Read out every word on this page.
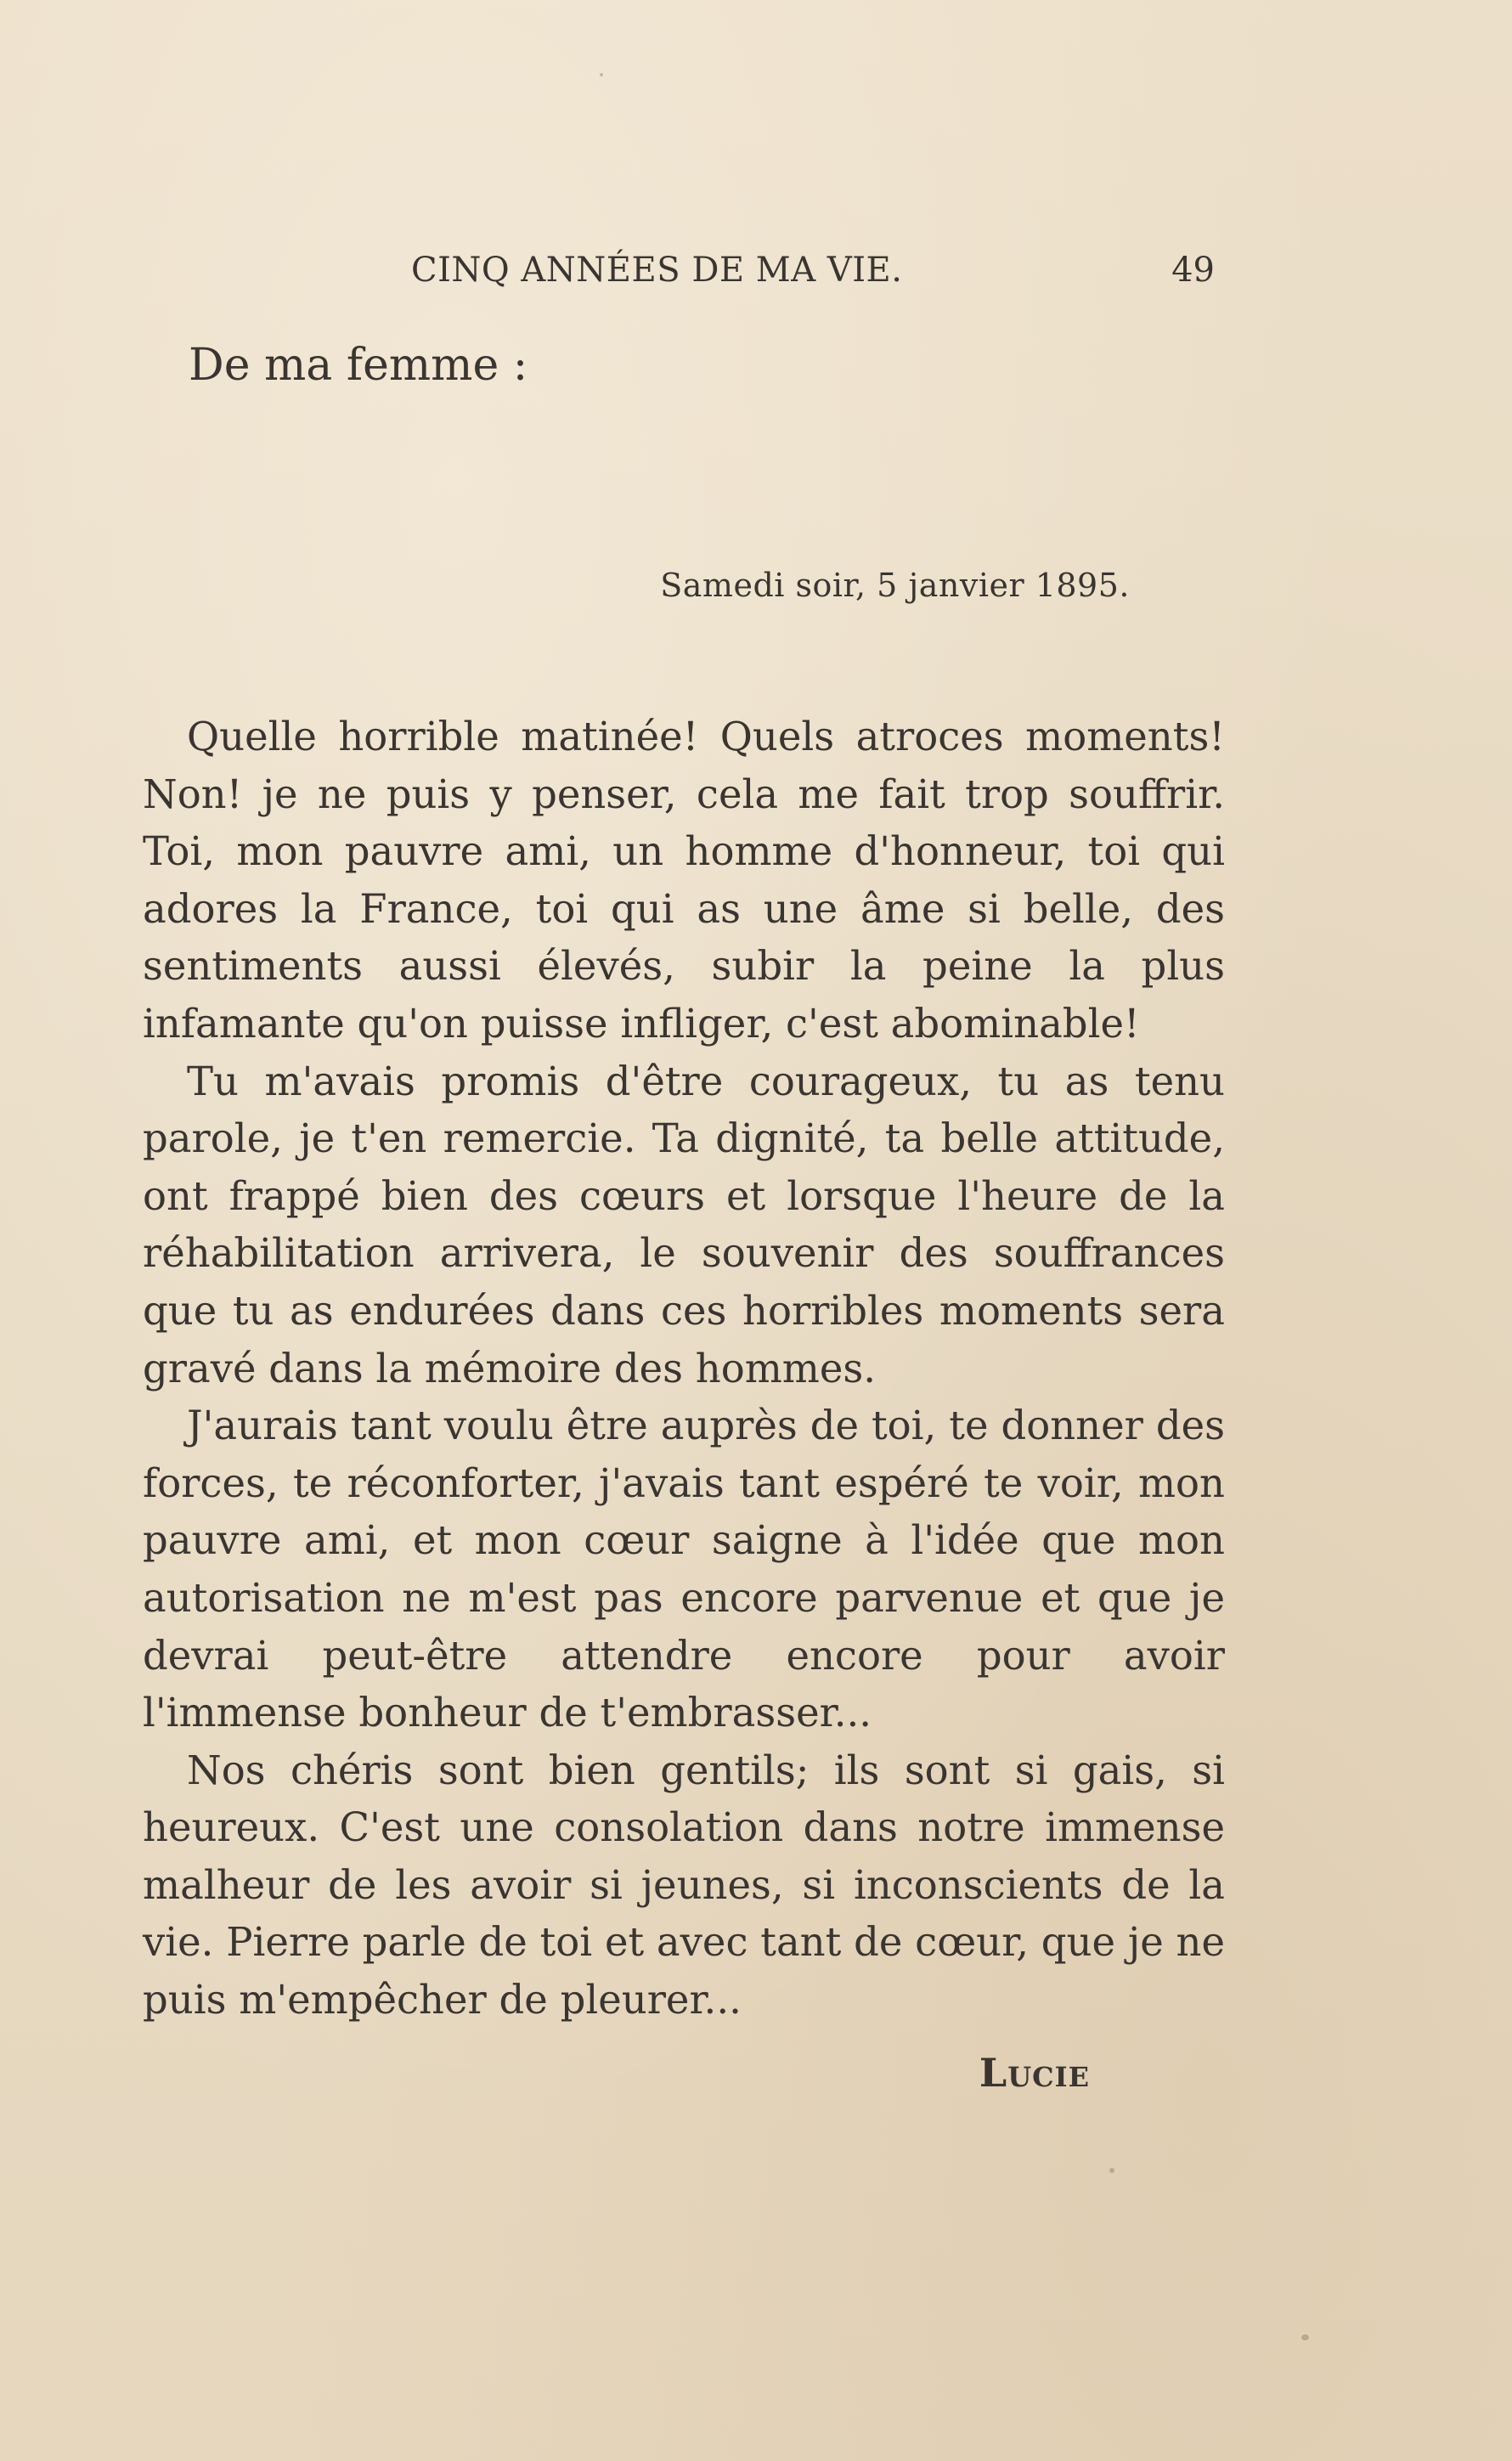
CINQ ANNÉES DE MA VIE.	49
De ma femme :
Samedi soir, 5 janvier 1895.

Quelle horrible matinée! Quels atroces moments! Non! je ne puis y penser, cela me fait trop souffrir. Toi, mon pauvre ami, un homme d'honneur, toi qui adores la France, toi qui as une âme si belle, des sentiments aussi élevés, subir la peine la plus infamante qu'on puisse infliger, c'est abominable!

Tu m'avais promis d'être courageux, tu as tenu parole, je t'en remercie. Ta dignité, ta belle attitude, ont frappé bien des cœurs et lorsque l'heure de la réhabilitation arrivera, le souvenir des souffrances que tu as endurées dans ces horribles moments sera gravé dans la mémoire des hommes.

J'aurais tant voulu être auprès de toi, te donner des forces, te réconforter, j'avais tant espéré te voir, mon pauvre ami, et mon cœur saigne à l'idée que mon autorisation ne m'est pas encore parvenue et que je devrai peut-être attendre encore pour avoir l'immense bonheur de t'embrasser...

Nos chéris sont bien gentils; ils sont si gais, si heureux. C'est une consolation dans notre immense malheur de les avoir si jeunes, si inconscients de la vie. Pierre parle de toi et avec tant de cœur, que je ne puis m'empêcher de pleurer...

Lucie
